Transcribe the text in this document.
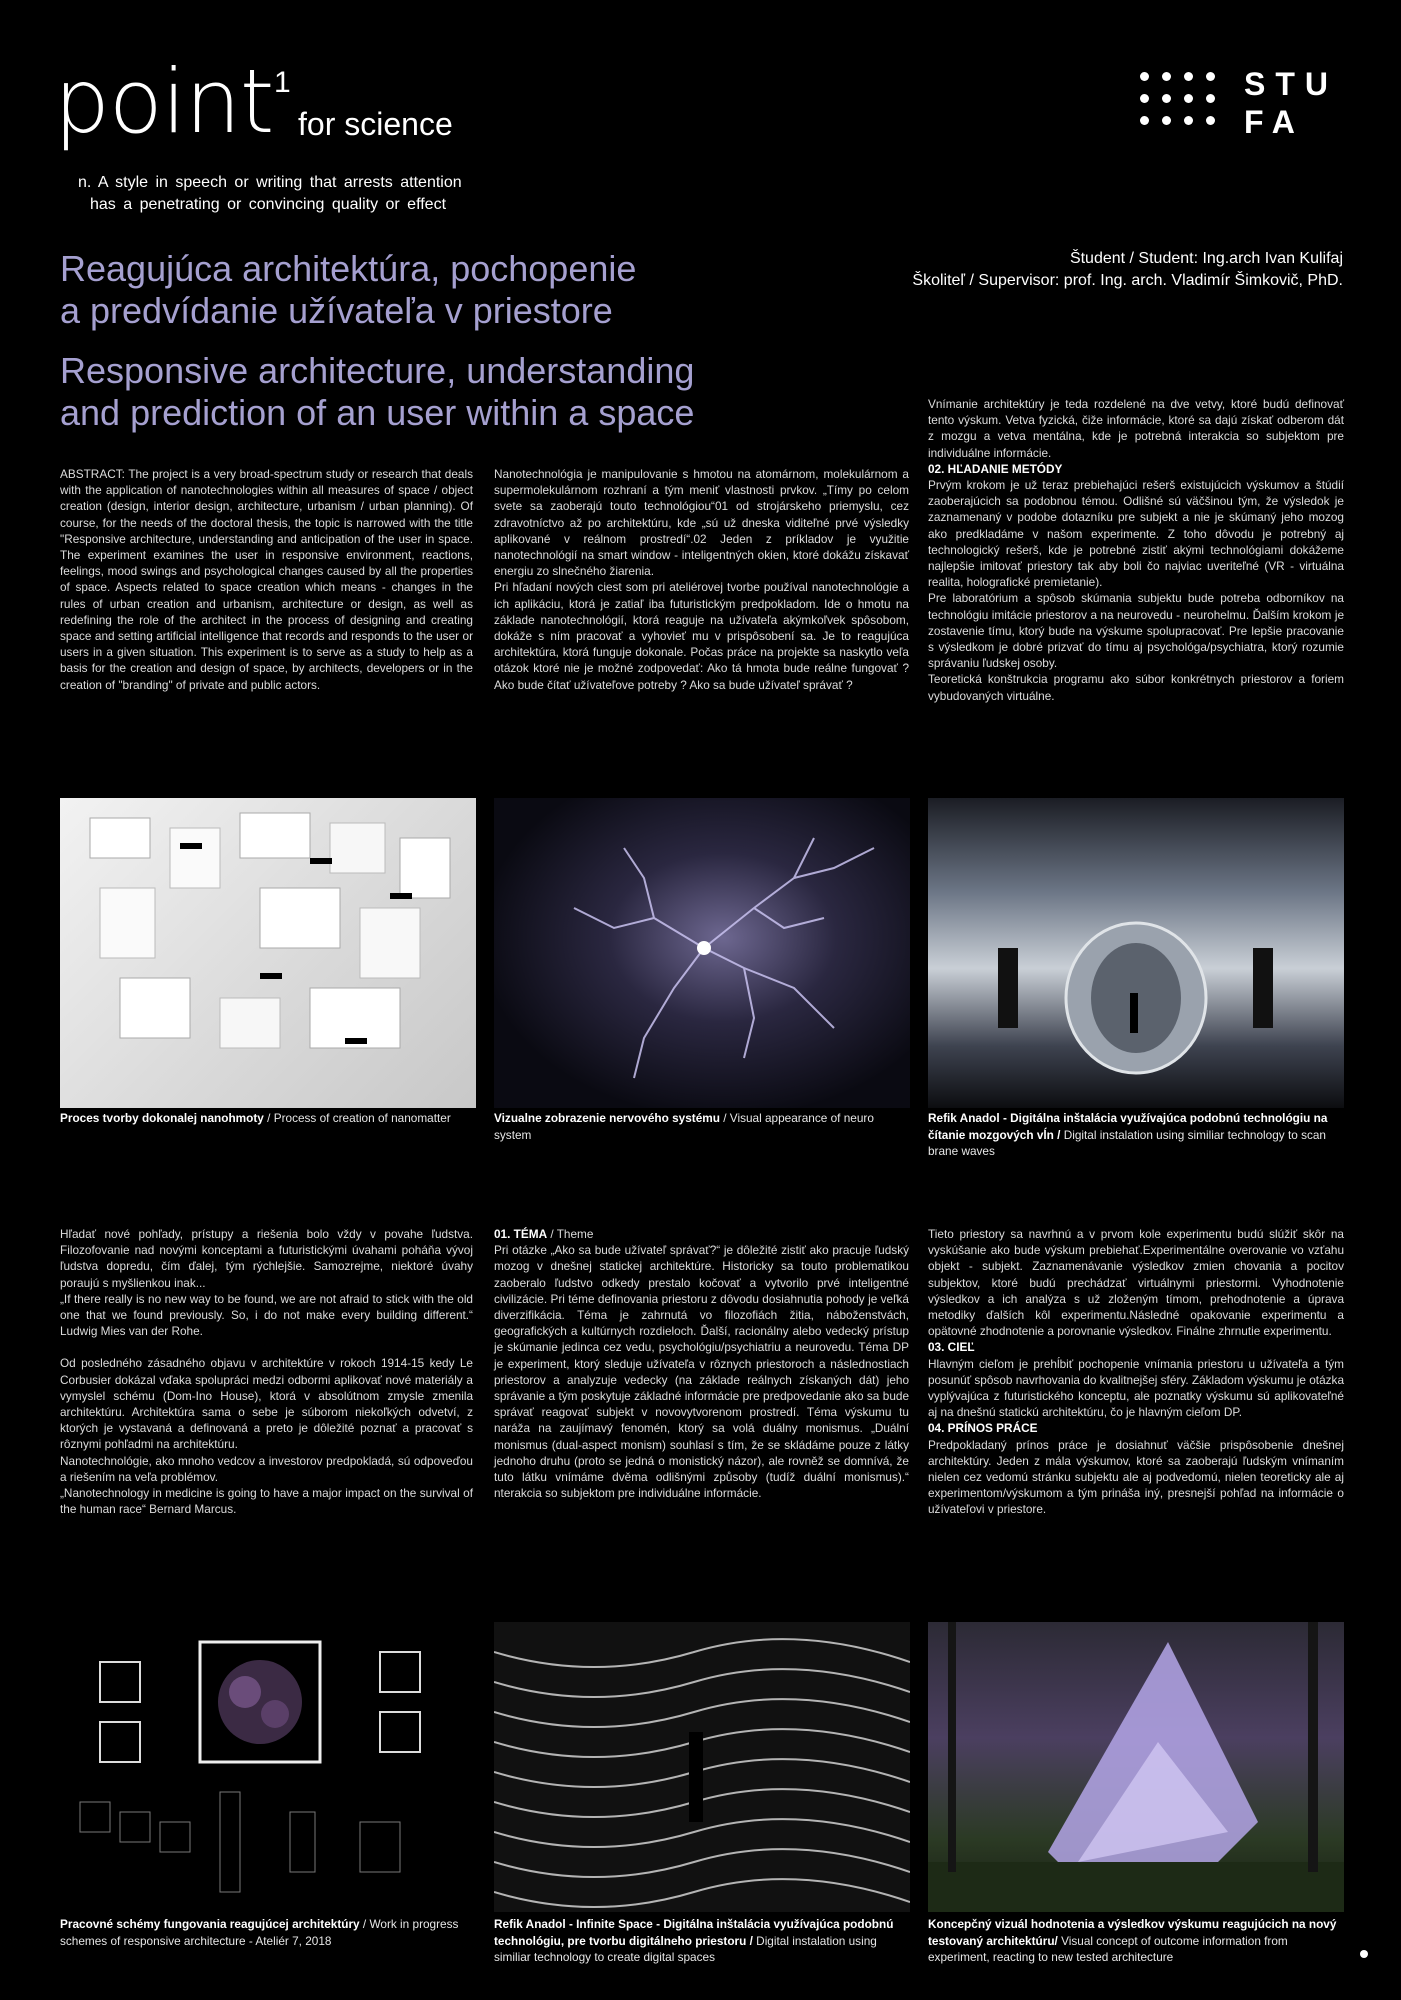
point 1
for science
n. A style in speech or writing that arrests attention
has a penetrating or convincing quality or effect
STU
FA
Reagujúca architektúra, pochopenie
a predvídanie užívateľa v priestore
Responsive architecture, understanding
and prediction of an user within a space
Študent / Student: Ing.arch Ivan Kulifaj
Školiteľ / Supervisor: prof. Ing. arch. Vladimír Šimkovič, PhD.

ABSTRACT: The project is a very broad-spectrum study or research that deals with the application of nanotechnologies within all measures of space / object creation (design, interior design, architecture, urbanism / urban planning). Of course, for the needs of the doctoral thesis, the topic is narrowed with the title "Responsive architecture, understanding and anticipation of the user in space. The experiment examines the user in responsive environment, reactions, feelings, mood swings and psychological changes caused by all the properties of space. Aspects related to space creation which means - changes in the rules of urban creation and urbanism, architecture or design, as well as redefining the role of the architect in the process of designing and creating space and setting artificial intelligence that records and responds to the user or users in a given situation. This experiment is to serve as a study to help as a basis for the creation and design of space, by architects, developers or in the creation of "branding" of private and public actors.

Nanotechnológia je manipulovanie s hmotou na atomárnom, molekulárnom a supermolekulárnom rozhraní a tým meniť vlastnosti prvkov. „Tímy po celom svete sa zaoberajú touto technológiou“01 od strojárskeho priemyslu, cez zdravotníctvo až po architektúru, kde „sú už dneska viditeľné prvé výsledky aplikované v reálnom prostredí“.02 Jeden z príkladov je využitie nanotechnológií na smart window - inteligentných okien, ktoré dokážu získavať energiu zo slnečného žiarenia.

Pri hľadaní nových ciest som pri ateliérovej tvorbe používal nanotechnológie a ich aplikáciu, ktorá je zatiaľ iba futuristickým predpokladom. Ide o hmotu na základe nanotechnológií, ktorá reaguje na užívateľa akýmkoľvek spôsobom, dokáže s ním pracovať a vyhovieť mu v prispôsobení sa. Je to reagujúca architektúra, ktorá funguje dokonale. Počas práce na projekte sa naskytlo veľa otázok ktoré nie je možné zodpovedať: Ako tá hmota bude reálne fungovať ? Ako bude čítať užívateľove potreby ? Ako sa bude užívateľ správať ?

Vnímanie architektúry je teda rozdelené na dve vetvy, ktoré budú definovať tento výskum. Vetva fyzická, čiže informácie, ktoré sa dajú získať odberom dát z mozgu a vetva mentálna, kde je potrebná interakcia so subjektom pre individuálne informácie.

02. HĽADANIE METÓDY

Prvým krokom je už teraz prebiehajúci rešerš existujúcich výskumov a štúdií zaoberajúcich sa podobnou témou. Odlišné sú väčšinou tým, že výsledok je zaznamenaný v podobe dotazníku pre subjekt a nie je skúmaný jeho mozog ako predkladáme v našom experimente. Z toho dôvodu je potrebný aj technologický rešerš, kde je potrebné zistiť akými technológiami dokážeme najlepšie imitovať priestory tak aby boli čo najviac uveriteľné (VR - virtuálna realita, holografické premietanie).

Pre laboratórium a spôsob skúmania subjektu bude potreba odborníkov na technológiu imitácie priestorov a na neurovedu - neurohelmu. Ďalším krokom je zostavenie tímu, ktorý bude na výskume spolupracovať. Pre lepšie pracovanie s výsledkom je dobré prizvať do tímu aj psychológa/psychiatra, ktorý rozumie správaniu ľudskej osoby.

Teoretická konštrukcia programu ako súbor konkrétnych priestorov a foriem vybudovaných virtuálne.

Proces tvorby dokonalej nanohmoty / Process of creation of nanomatter	Vizualne zobrazenie nervového systému / Visual appearance of neuro system
Refik Anadol - Digitálna inštalácia využívajúca podobnú technológiu na čítanie mozgových vĺn / Digital instalation using similiar technology to scan brane waves

Hľadať nové pohľady, prístupy a riešenia bolo vždy v povahe ľudstva. Filozofovanie nad novými konceptami a futuristickými úvahami poháňa vývoj ľudstva dopredu, čím ďalej, tým rýchlejšie. Samozrejme, niektoré úvahy poraujú s myšlienkou inak...

„If there really is no new way to be found, we are not afraid to stick with the old one that we found previously. So, i do not make every building different.“ Ludwig Mies van der Rohe.

Od posledného zásadného objavu v architektúre v rokoch 1914-15 kedy Le Corbusier dokázal vďaka spolupráci medzi odbormi aplikovať nové materiály a vymyslel schému (Dom-Ino House), ktorá v absolútnom zmysle zmenila architektúru. Architektúra sama o sebe je súborom niekoľkých odvetví, z ktorých je vystavaná a definovaná a preto je dôležité poznať a pracovať s rôznymi pohľadmi na architektúru.

Nanotechnológie, ako mnoho vedcov a investorov predpokladá, sú odpoveďou a riešením na veľa problémov.

„Nanotechnology in medicine is going to have a major impact on the survival of the human race“ Bernard Marcus.

01. TÉMA / Theme

Pri otázke „Ako sa bude užívateľ správať?“ je dôležité zistiť ako pracuje ľudský mozog v dnešnej statickej architektúre. Historicky sa touto problematikou zaoberalo ľudstvo odkedy prestalo kočovať a vytvorilo prvé inteligentné civilizácie. Pri téme definovania priestoru z dôvodu dosiahnutia pohody je veľká diverzifikácia. Téma je zahrnutá vo filozofiách žitia, náboženstvách, geografických a kultúrnych rozdieloch. Ďalší, racionálny alebo vedecký prístup je skúmanie jedinca cez vedu, psychológiu/psychiatriu a neurovedu. Téma DP je experiment, ktorý sleduje užívateľa v rôznych priestoroch a následnostiach priestorov a analyzuje vedecky (na základe reálnych získaných dát) jeho správanie a tým poskytuje základné informácie pre predpovedanie ako sa bude správať reagovať subjekt v novovytvorenom prostredí. Téma výskumu tu naráža na zaujímavý fenomén, ktorý sa volá duálny monismus. „Duální monismus (dual-aspect monism) souhlasí s tím, že se skládáme pouze z látky jednoho druhu (proto se jedná o monistický názor), ale rovněž se domnívá, že tuto látku vnímáme dvěma odlišnými způsoby (tudíž duální monismus).“ nterakcia so subjektom pre individuálne informácie.

Tieto priestory sa navrhnú a v prvom kole experimentu budú slúžiť skôr na vyskúšanie ako bude výskum prebiehať.Experimentálne overovanie vo vzťahu objekt - subjekt. Zaznamenávanie výsledkov zmien chovania a pocitov subjektov, ktoré budú prechádzať virtuálnymi priestormi. Vyhodnotenie výsledkov a ich analýza s už zloženým tímom, prehodnotenie a úprava metodiky ďalších kôl experimentu.Následné opakovanie experimentu a opätovné zhodnotenie a porovnanie výsledkov. Finálne zhrnutie experimentu.

03. CIEĽ

Hlavným cieľom je prehĺbiť pochopenie vnímania priestoru u užívateľa a tým posunúť spôsob navrhovania do kvalitnejšej sféry. Základom výskumu je otázka vyplývajúca z futuristického konceptu, ale poznatky výskumu sú aplikovateľné aj na dnešnú statickú architektúru, čo je hlavným cieľom DP.

04. PRÍNOS PRÁCE

Predpokladaný prínos práce je dosiahnuť väčšie prispôsobenie dnešnej architektúry. Jeden z mála výskumov, ktoré sa zaoberajú ľudským vnímaním nielen cez vedomú stránku subjektu ale aj podvedomú, nielen teoreticky ale aj experimentom/výskumom a tým prináša iný, presnejší pohľad na informácie o užívateľovi v priestore.

Pracovné schémy fungovania reagujúcej architektúry / Work in progress schemes of responsive architecture - Ateliér 7, 2018
Refik Anadol - Infinite Space - Digitálna inštalácia využívajúca podobnú technológiu, pre tvorbu digitálneho priestoru / Digital instalation using similiar technology to create digital spaces
Koncepčný vizuál hodnotenia a výsledkov výskumu reagujúcich na nový testovaný architektúru/ Visual concept of outcome information from experiment, reacting to new tested architecture
